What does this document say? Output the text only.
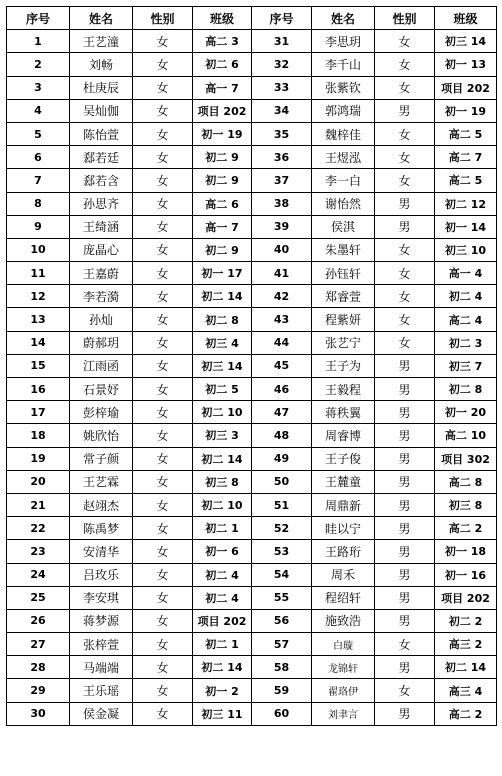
序号	姓名	性别	班级	序号	姓名	性别	班级
1	王艺潼	女	高二 3	31	李思玥	女	初三 14
2	刘畅	女	初二 6	32	李千山	女	初一 13
3	杜庚辰	女	高一 7	33	张紫钦	女	项目 202
4	吴灿伽	女	项目 202	34	郭鸿瑞	男	初一 19
5	陈怡萱	女	初一 19	35	魏梓佳	女	高二 5
6	郄若廷	女	初二 9	36	王煜泓	女	高二 7
7	郄若含	女	初二 9	37	李一白	女	高二 5
8	孙思齐	女	高二 6	38	谢怡然	男	初二 12
9	王绮涵	女	高一 7	39	侯淇	男	初一 14
10	庞晶心	女	初二 9	40	朱墨轩	女	初三 10
11	王嘉蔚	女	初一 17	41	孙钰轩	女	高一 4
12	李若漪	女	初二 14	42	郑睿萱	女	初二 4
13	孙灿	女	初二 8	43	程紫妍	女	高二 4
14	蔚郝玥	女	初三 4	44	张艺宁	女	初二 3
15	江雨函	女	初三 14	45	王子为	男	初三 7
16	石景妤	女	初二 5	46	王毅程	男	初二 8
17	彭梓瑜	女	初二 10	47	蒋秩翼	男	初一 20
18	姚欣怡	女	初三 3	48	周睿博	男	高二 10
19	常子颜	女	初二 14	49	王子俊	男	项目 302
20	王艺霖	女	初三 8	50	王麓童	男	高二 8
21	赵翊杰	女	初二 10	51	周鼎新	男	初三 8
22	陈禹梦	女	初二 1	52	眭以宁	男	高二 2
23	安清华	女	初一 6	53	王路珩	男	初一 18
24	吕玫乐	女	初二 4	54	周禾	男	初一 16
25	李安琪	女	初二 4	55	程绍轩	男	项目 202
26	蒋梦源	女	项目 202	56	施致浩	男	初二 2
27	张梓萱	女	初二 1	57	白璇	女	高三 2
28	马端端	女	初二 14	58	龙锦轩	男	初二 14
29	王乐瑶	女	初一 2	59	翟珞伊	女	高三 4
30	侯金凝	女	初三 11	60	刘聿言	男	高二 2
